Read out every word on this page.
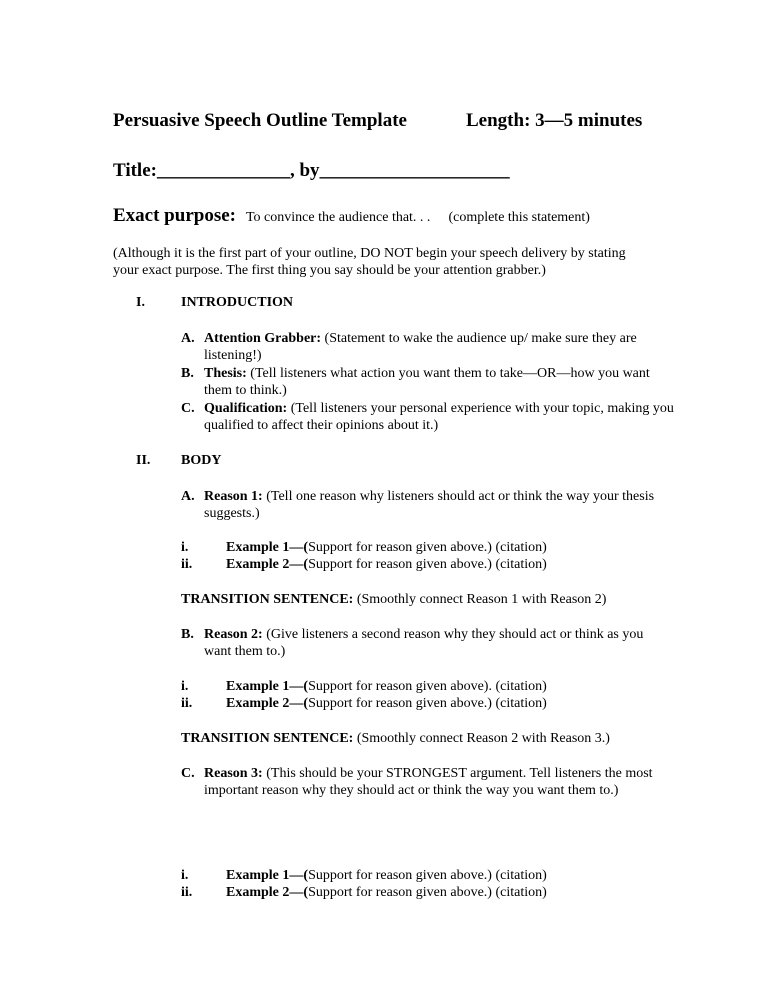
Persuasive Speech Outline Template	Length: 3—5 minutes
Title:______________, by____________________
Exact purpose: To convince the audience that. . . (complete this statement)
(Although it is the first part of your outline, DO NOT begin your speech delivery by stating
your exact purpose. The first thing you say should be your attention grabber.)
I.	INTRODUCTION
A. Attention Grabber: (Statement to wake the audience up/ make sure they are listening!)
B. Thesis: (Tell listeners what action you want them to take—OR—how you want them to think.)
C. Qualification: (Tell listeners your personal experience with your topic, making you qualified to affect their opinions about it.)
II. BODY
A. Reason 1: (Tell one reason why listeners should act or think the way your thesis suggests.)
i.	Example 1—(Support for reason given above.) (citation)
ii. Example 2—(Support for reason given above.) (citation)
TRANSITION SENTENCE: (Smoothly connect Reason 1 with Reason 2)
B. Reason 2: (Give listeners a second reason why they should act or think as you want them to.)
i.	Example 1—(Support for reason given above). (citation)
ii. Example 2—(Support for reason given above.) (citation)
TRANSITION SENTENCE: (Smoothly connect Reason 2 with Reason 3.)
C. Reason 3: (This should be your STRONGEST argument. Tell listeners the most important reason why they should act or think the way you want them to.)
i.	Example 1—(Support for reason given above.) (citation)
ii. Example 2—(Support for reason given above.) (citation)
